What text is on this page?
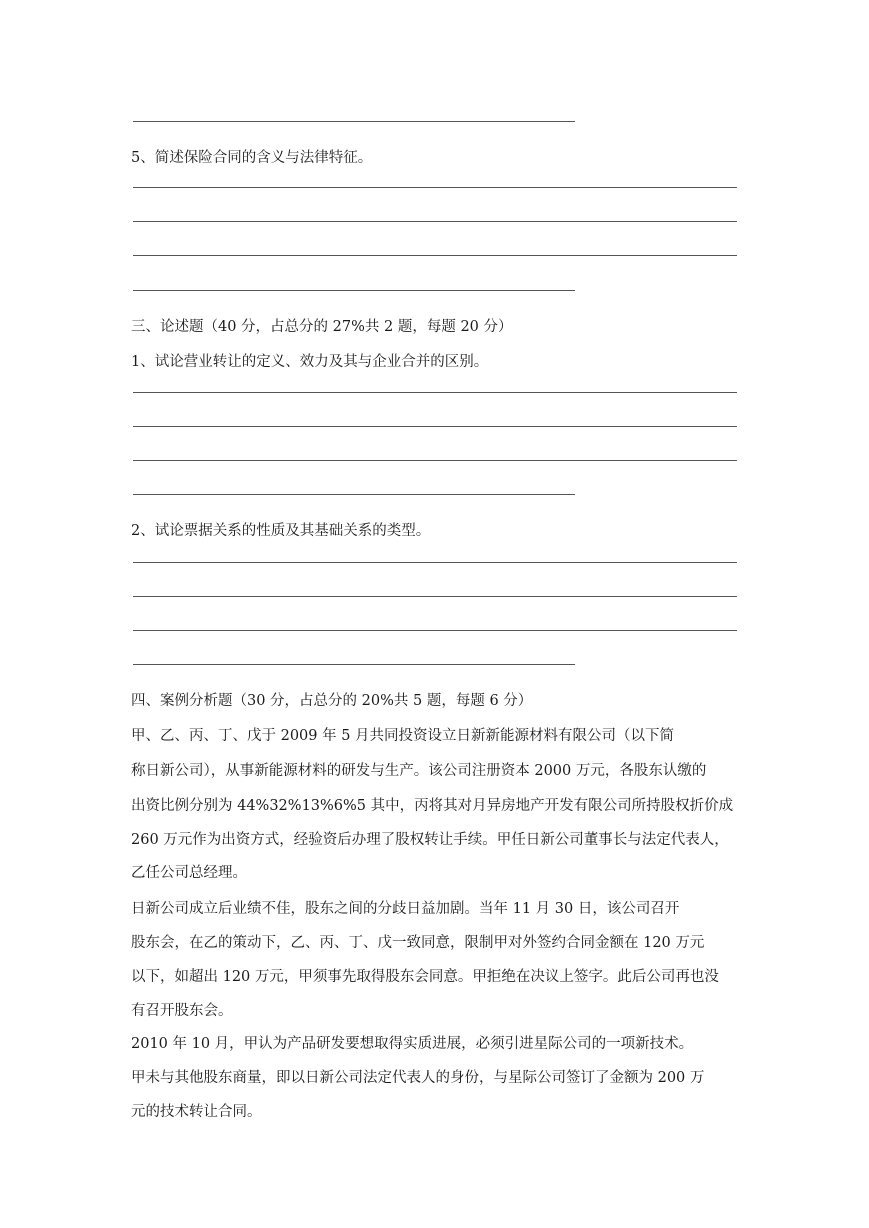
5、简述保险合同的含义与法律特征。
三、论述题（40 分，占总分的 27%共 2 题，每题 20 分）
1、试论营业转让的定义、效力及其与企业合并的区别。
2、试论票据关系的性质及其基础关系的类型。
四、案例分析题（30 分，占总分的 20%共 5 题，每题 6 分）
甲、乙、丙、丁、戊于 2009 年 5 月共同投资设立日新新能源材料有限公司（以下简
称日新公司），从事新能源材料的研发与生产。该公司注册资本 2000 万元，各股东认缴的
出资比例分别为 44%32%13%6%5 其中，丙将其对月异房地产开发有限公司所持股权折价成
260 万元作为出资方式，经验资后办理了股权转让手续。甲任日新公司董事长与法定代表人，
乙任公司总经理。
日新公司成立后业绩不佳，股东之间的分歧日益加剧。当年 11 月 30 日，该公司召开
股东会，在乙的策动下，乙、丙、丁、戊一致同意，限制甲对外签约合同金额在 120 万元
以下，如超出 120 万元，甲须事先取得股东会同意。甲拒绝在决议上签字。此后公司再也没
有召开股东会。
2010 年 10 月，甲认为产品研发要想取得实质进展，必须引进星际公司的一项新技术。
甲未与其他股东商量，即以日新公司法定代表人的身份，与星际公司签订了金额为 200 万
元的技术转让合同。
